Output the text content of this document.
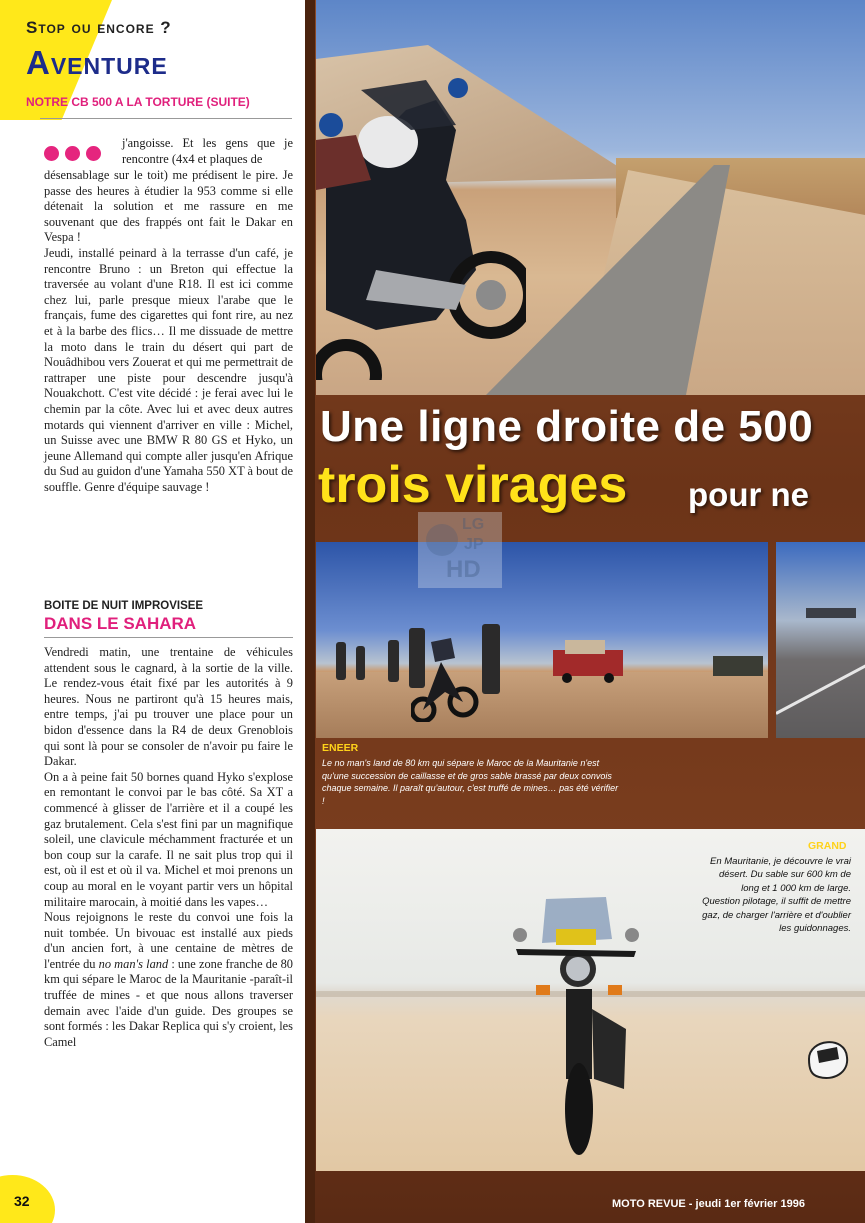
Stop ou encore ?
Aventure
NOTRE CB 500 A LA TORTURE (SUITE)
j'angoisse. Et les gens que je rencontre (4x4 et plaques de

désensablage sur le toit) me prédisent le pire. Je passe des heures à étudier la 953 comme si elle détenait la solution et me rassure en me souvenant que des frappés ont fait le Dakar en Vespa !

Jeudi, installé peinard à la terrasse d'un café, je rencontre Bruno : un Breton qui effectue la traversée au volant d'une R18. Il est ici comme chez lui, parle presque mieux l'arabe que le français, fume des cigarettes qui font rire, au nez et à la barbe des flics… Il me dissuade de mettre la moto dans le train du désert qui part de Nouâdhibou vers Zouerat et qui me permettrait de rattraper une piste pour descendre jusqu'à Nouakchott. C'est vite décidé : je ferai avec lui le chemin par la côte. Avec lui et avec deux autres motards qui viennent d'arriver en ville : Michel, un Suisse avec une BMW R 80 GS et Hyko, un jeune Allemand qui compte aller jusqu'en Afrique du Sud au guidon d'une Yamaha 550 XT à bout de souffle. Genre d'équipe sauvage !

BOITE DE NUIT IMPROVISEE
DANS LE SAHARA

Vendredi matin, une trentaine de véhicules attendent sous le cagnard, à la sortie de la ville. Le rendez-vous était fixé par les autorités à 9 heures. Nous ne partiront qu'à 15 heures mais, entre temps, j'ai pu trouver une place pour un bidon d'essence dans la R4 de deux Grenoblois qui sont là pour se consoler de n'avoir pu faire le Dakar.

On a à peine fait 50 bornes quand Hyko s'explose en remontant le convoi par le bas côté. Sa XT a commencé à glisser de l'arrière et il a coupé les gaz brutalement. Cela s'est fini par un magnifique soleil, une clavicule méchamment fracturée et un bon coup sur la carafe. Il ne sait plus trop qui il est, où il est et où il va. Michel et moi prenons un coup au moral en le voyant partir vers un hôpital militaire marocain, à moitié dans les vapes…

Nous rejoignons le reste du convoi une fois la nuit tombée. Un bivouac est installé aux pieds d'un ancien fort, à une centaine de mètres de l'entrée du no man's land : une zone franche de 80 km qui sépare le Maroc de la Mauritanie -paraît-il truffée de mines - et que nous allons traverser demain avec l'aide d'un guide. Des groupes se sont formés : les Dakar Replica qui s'y croient, les Camel

32
Une ligne droite de 500
trois virages pour ne
LG
JP
HD
ENEER
Le no man's land de 80 km qui sépare le Maroc de la Mauritanie n'est qu'une succession de caillasse et de gros sable brassé par deux convois chaque semaine. Il paraît qu'autour, c'est truffé de mines… pas été vérifier !
GRAND
En Mauritanie, je découvre le vrai désert. Du sable sur 600 km de long et 1 000 km de large. Question pilotage, il suffit de mettre gaz, de charger l'arrière et d'oublier les guidonnages.
MOTO REVUE - jeudi 1er février 1996
